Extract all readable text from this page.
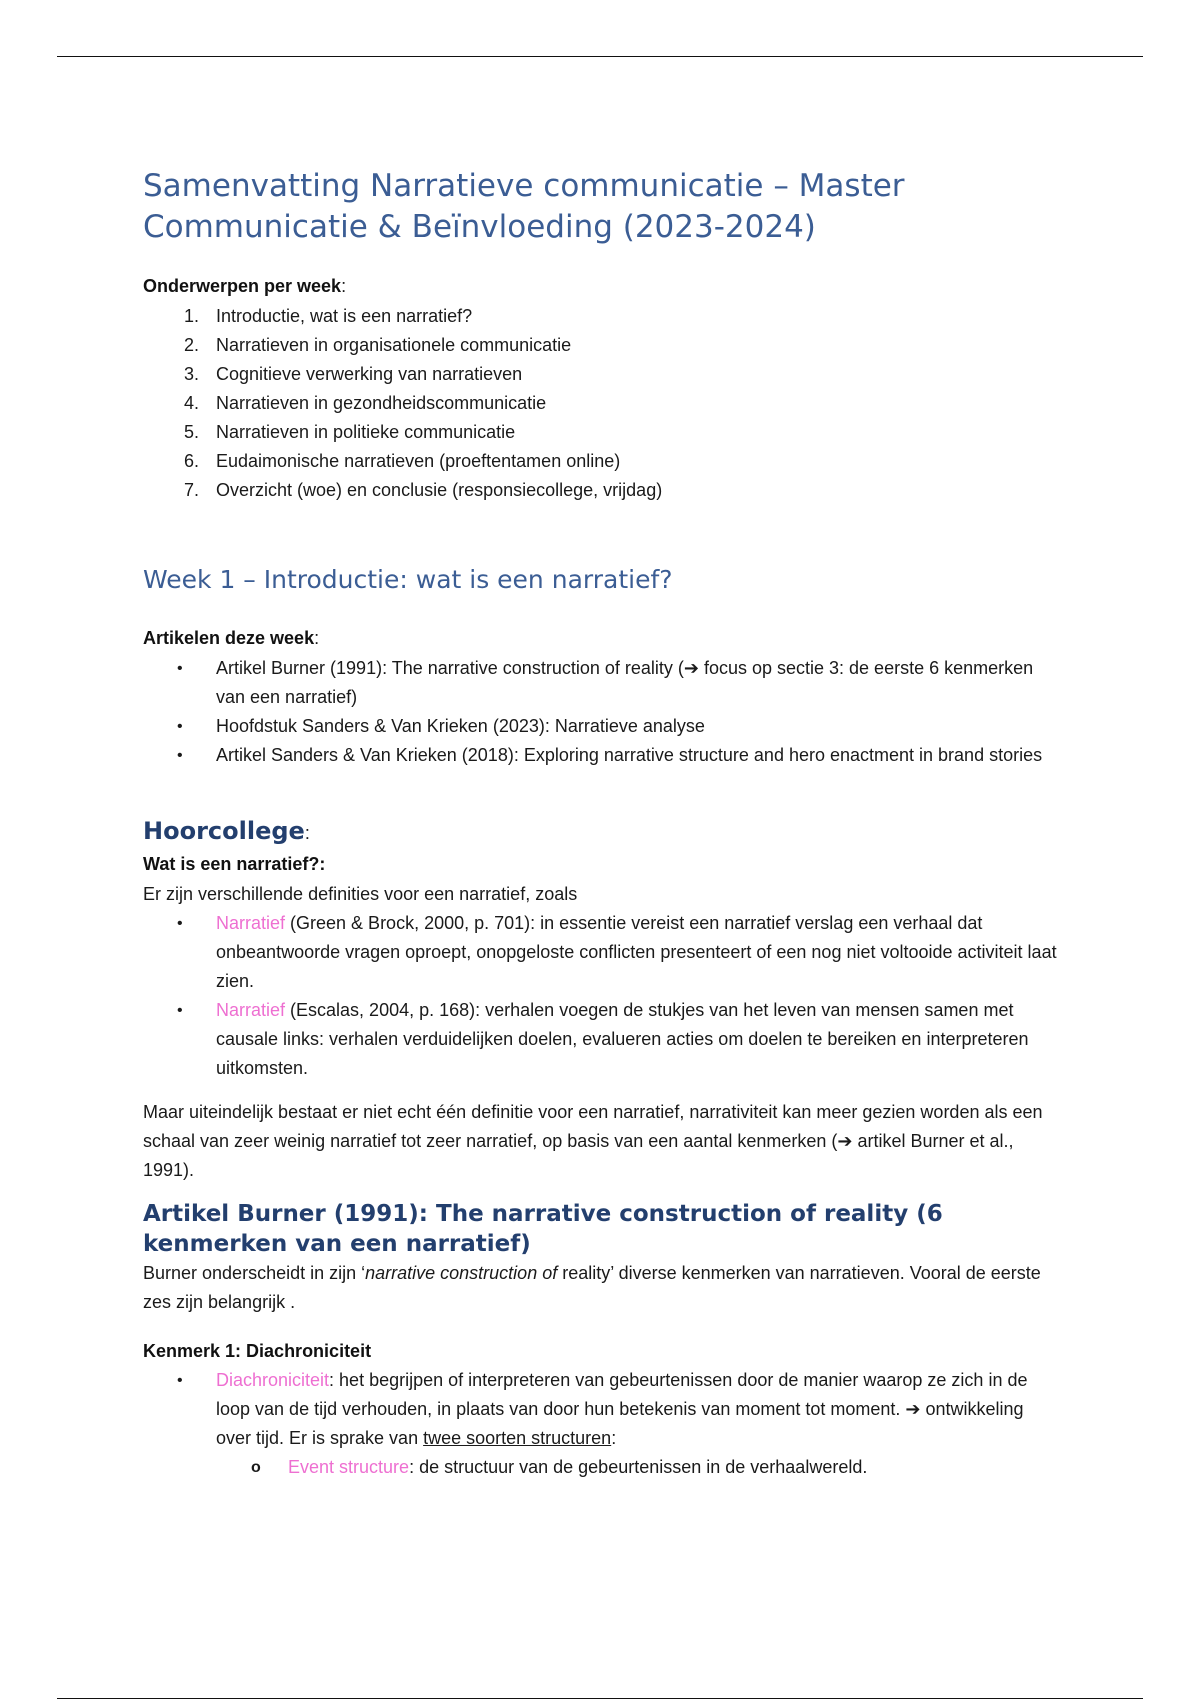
Samenvatting Narratieve communicatie – Master Communicatie & Beïnvloeding (2023-2024)
Onderwerpen per week:
1. Introductie, wat is een narratief?
2. Narratieven in organisationele communicatie
3. Cognitieve verwerking van narratieven
4. Narratieven in gezondheidscommunicatie
5. Narratieven in politieke communicatie
6. Eudaimonische narratieven (proeftentamen online)
7. Overzicht (woe) en conclusie (responsiecollege, vrijdag)
Week 1 – Introductie: wat is een narratief?
Artikelen deze week:
• Artikel Burner (1991): The narrative construction of reality (➔ focus op sectie 3: de eerste 6 kenmerken van een narratief)
• Hoofdstuk Sanders & Van Krieken (2023): Narratieve analyse
• Artikel Sanders & Van Krieken (2018): Exploring narrative structure and hero enactment in brand stories
Hoorcollege:
Wat is een narratief?:
Er zijn verschillende definities voor een narratief, zoals
• Narratief (Green & Brock, 2000, p. 701): in essentie vereist een narratief verslag een verhaal dat onbeantwoorde vragen oproept, onopgeloste conflicten presenteert of een nog niet voltooide activiteit laat zien.
• Narratief (Escalas, 2004, p. 168): verhalen voegen de stukjes van het leven van mensen samen met causale links: verhalen verduidelijken doelen, evalueren acties om doelen te bereiken en interpreteren uitkomsten.
Maar uiteindelijk bestaat er niet echt één definitie voor een narratief, narrativiteit kan meer gezien worden als een schaal van zeer weinig narratief tot zeer narratief, op basis van een aantal kenmerken (➔ artikel Burner et al., 1991).
Artikel Burner (1991): The narrative construction of reality (6 kenmerken van een narratief)
Burner onderscheidt in zijn ‘narrative construction of reality’ diverse kenmerken van narratieven. Vooral de eerste zes zijn belangrijk .
Kenmerk 1: Diachroniciteit
• Diachroniciteit: het begrijpen of interpreteren van gebeurtenissen door de manier waarop ze zich in de loop van de tijd verhouden, in plaats van door hun betekenis van moment tot moment. ➔ ontwikkeling over tijd. Er is sprake van twee soorten structuren:
o Event structure: de structuur van de gebeurtenissen in de verhaalwereld.
